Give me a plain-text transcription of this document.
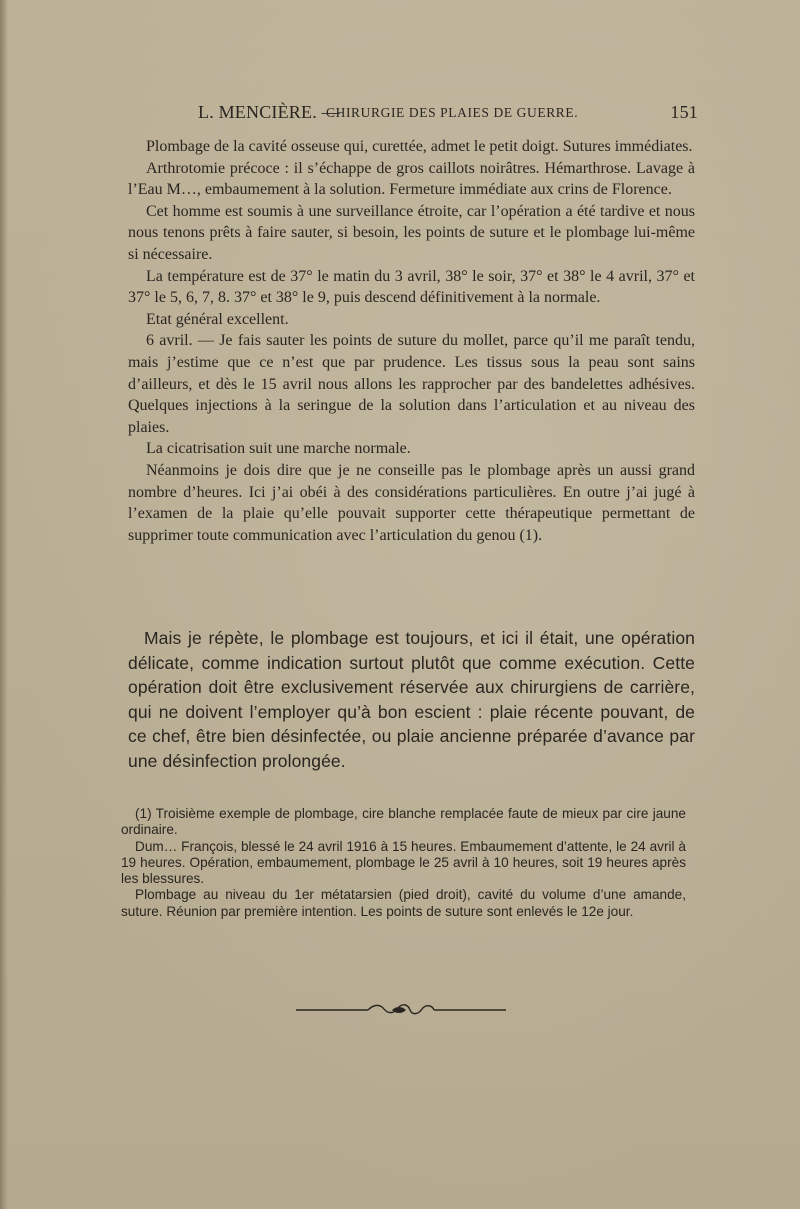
L. MENCIÈRE. —
CHIRURGIE DES PLAIES DE GUERRE.	151

Plombage de la cavité osseuse qui, curettée, admet le petit doigt. Sutures immédiates.

Arthrotomie précoce : il s’échappe de gros caillots noirâtres. Hémarthrose. Lavage à l’Eau M…, embaumement à la solution. Fermeture immédiate aux crins de Florence.

Cet homme est soumis à une surveillance étroite, car l’opération a été tardive et nous nous tenons prêts à faire sauter, si besoin, les points de suture et le plombage lui-même si nécessaire.

La température est de 37° le matin du 3 avril, 38° le soir, 37° et 38° le 4 avril, 37° et 37° le 5, 6, 7, 8. 37° et 38° le 9, puis descend définitivement à la normale.

Etat général excellent.

6 avril. — Je fais sauter les points de suture du mollet, parce qu’il me paraît tendu, mais j’estime que ce n’est que par prudence. Les tissus sous la peau sont sains d’ailleurs, et dès le 15 avril nous allons les rapprocher par des bandelettes adhésives. Quelques injections à la seringue de la solution dans l’articulation et au niveau des plaies.

La cicatrisation suit une marche normale.

Néanmoins je dois dire que je ne conseille pas le plombage après un aussi grand nombre d’heures. Ici j’ai obéi à des considérations particulières. En outre j’ai jugé à l’examen de la plaie qu’elle pouvait supporter cette thérapeutique permettant de supprimer toute communication avec l’articulation du genou (1).

Mais je répète, le plombage est toujours, et ici il était, une opération délicate, comme indication surtout plutôt que comme exécution. Cette opération doit être exclusivement réservée aux chirurgiens de carrière, qui ne doivent l’employer qu’à bon escient : plaie récente pouvant, de ce chef, être bien désinfectée, ou plaie ancienne préparée d’avance par une désinfection prolongée.

(1) Troisième exemple de plombage, cire blanche remplacée faute de mieux par cire jaune ordinaire.

Dum… François, blessé le 24 avril 1916 à 15 heures. Embaumement d’attente, le 24 avril à 19 heures. Opération, embaumement, plombage le 25 avril à 10 heures, soit 19 heures après les blessures.

Plombage au niveau du 1er métatarsien (pied droit), cavité du volume d’une amande, suture. Réunion par première intention. Les points de suture sont enlevés le 12e jour.
